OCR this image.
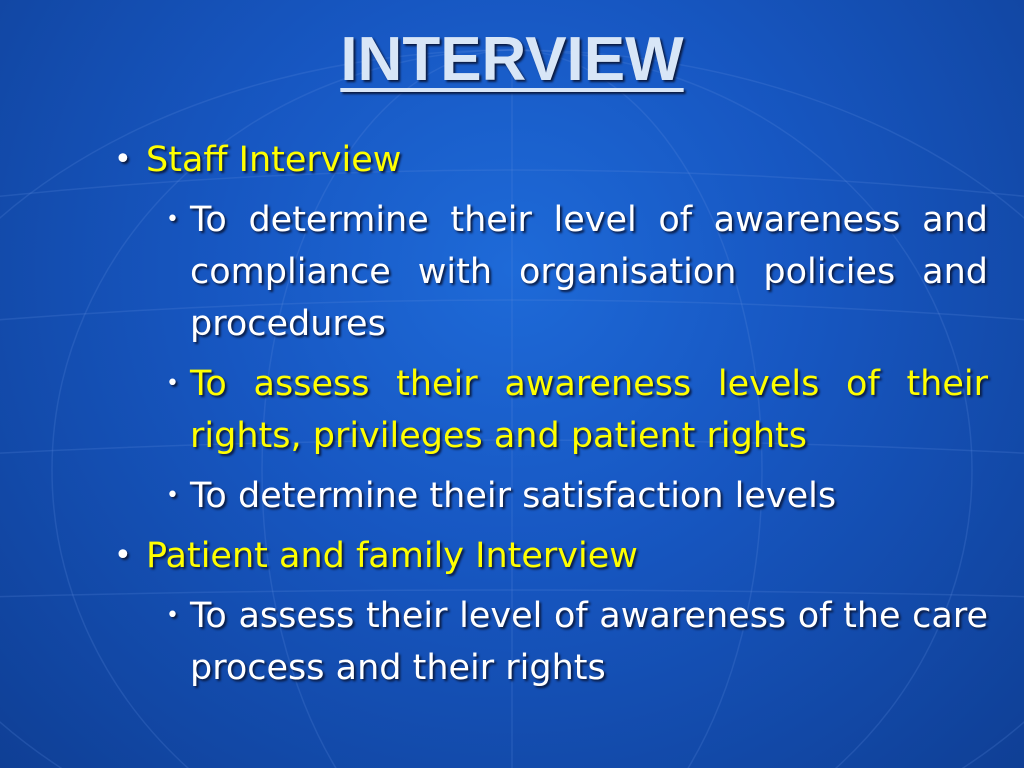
INTERVIEW
• Staff Interview
• To determine their level of awareness and compliance with organisation policies and procedures
• To assess their awareness levels of their rights, privileges and patient rights
• To determine their satisfaction levels
• Patient and family Interview
• To assess their level of awareness of the care process and their rights
